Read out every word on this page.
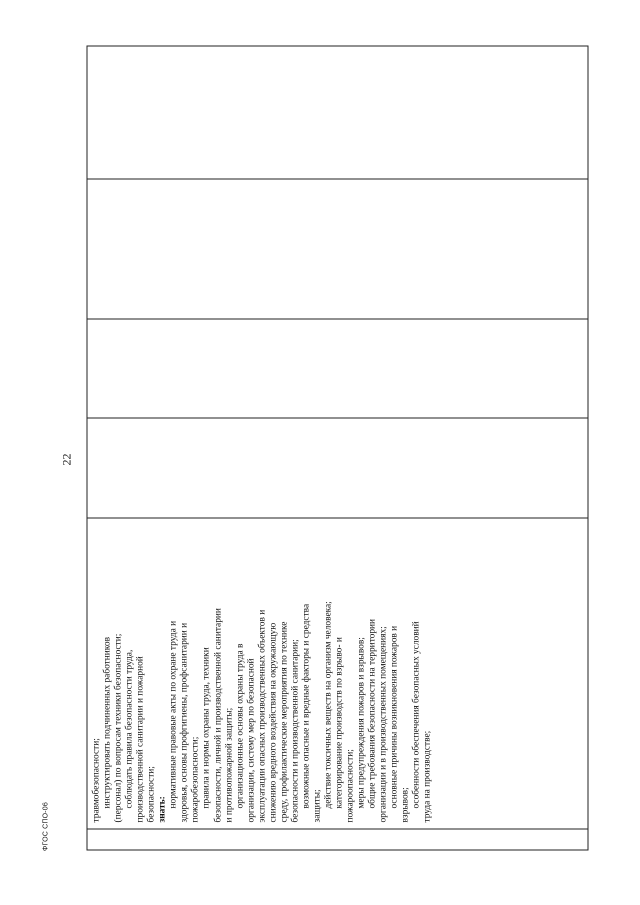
22
травмобезопасности; инструктировать подчиненных работников (персонал) по вопросам техники безопасности; соблюдать правила безопасности труда, производственной санитарии и пожарной безопасности; знать:
нормативные правовые акты по охране труда и здоровья, основы профгигиены, профсанитарии и пожаробезопасности; правила и нормы охраны труда, техники безопасности, личной и производственной санитарии и противопожарной защиты; организационные основы охраны труда в организации, систему мер по безопасной эксплуатации опасных производственных объектов и снижению вредного воздействия на окружающую среду, профилактические мероприятия по технике безопасности и производственной санитарии; возможные опасные и вредные факторы и средства защиты; действие токсичных веществ на организм человека; категорирование производств по взрыво- и пожароопасности; меры предупреждения пожаров и взрывов; общие требования безопасности на территории организации и в производственных помещениях; основные причины возникновения пожаров и взрывов; особенности обеспечения безопасных условий труда на производстве;
ФГОС СПО-06
